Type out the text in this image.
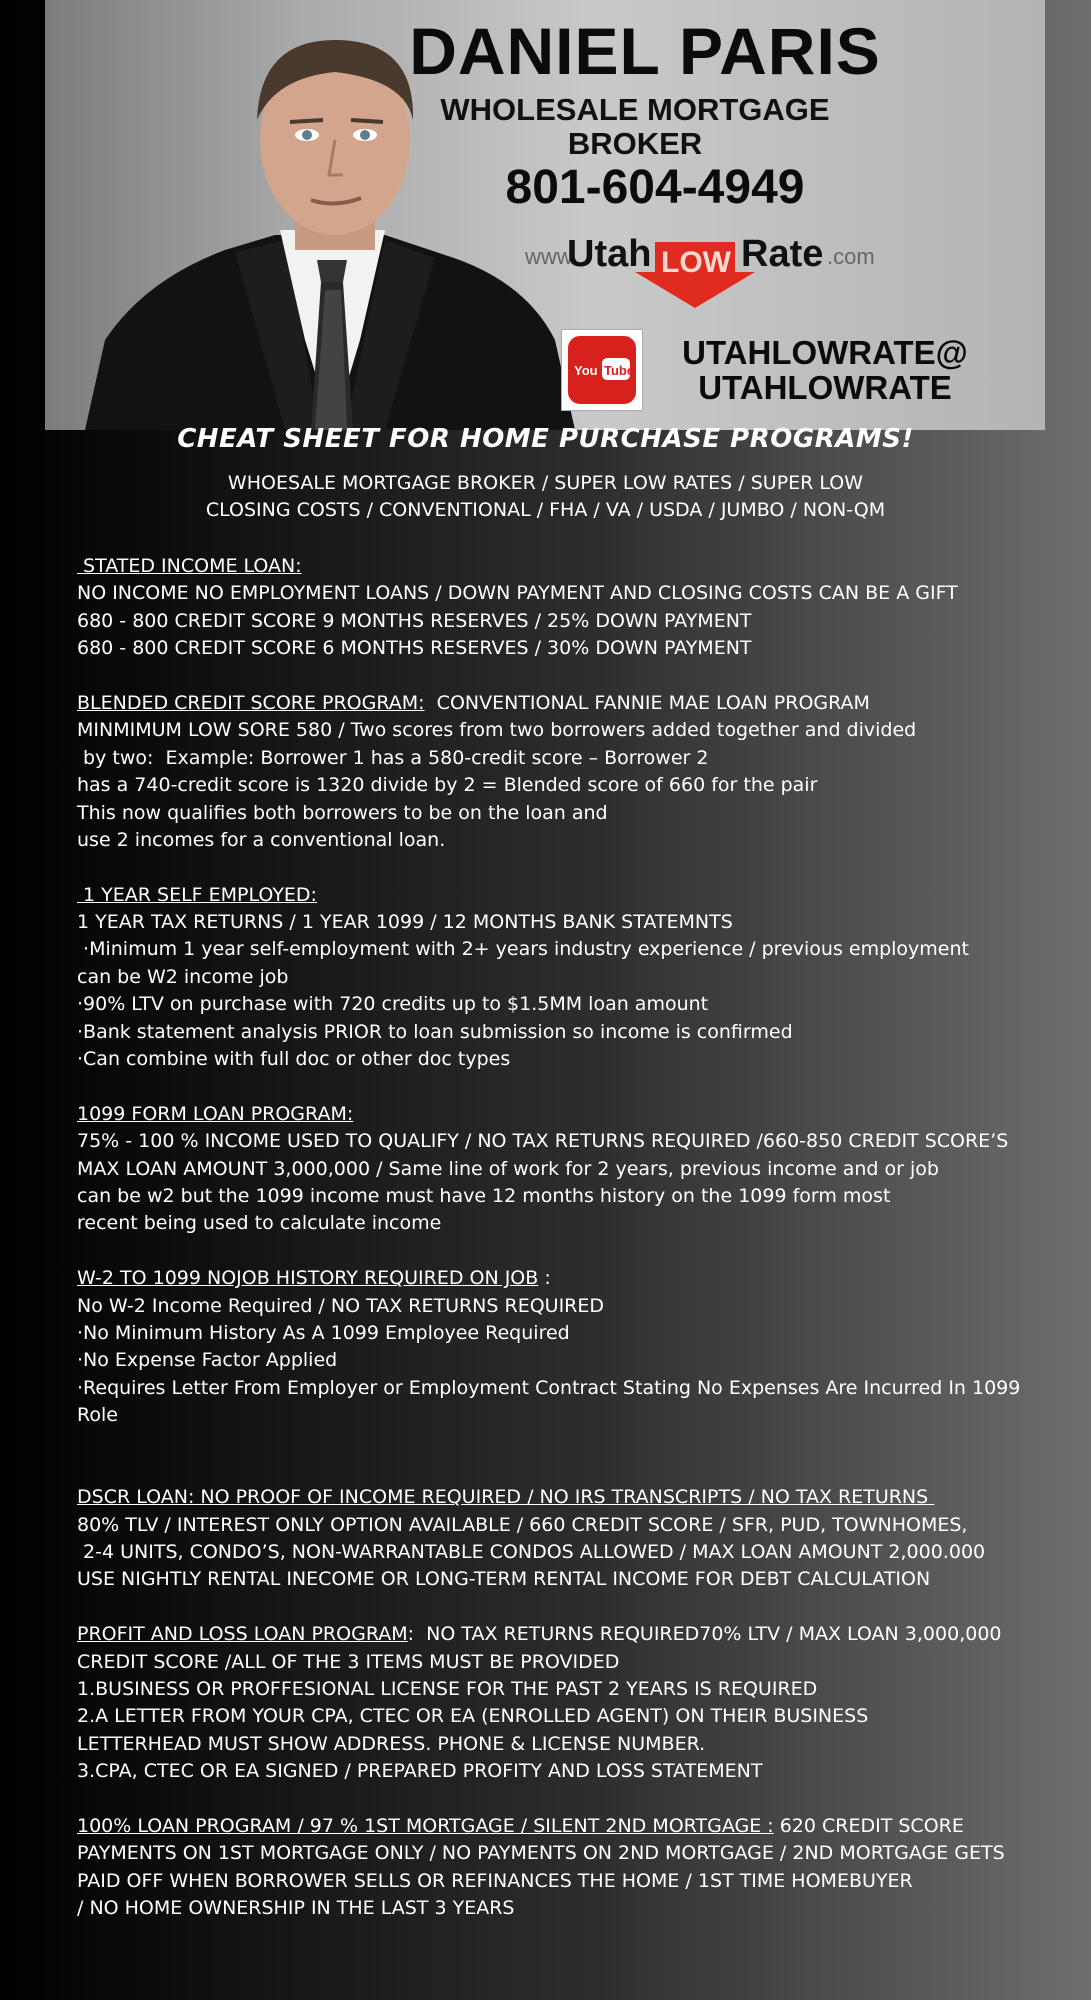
DANIEL PARIS
WHOLESALE MORTGAGE
BROKER
801-604-4949
www.
Utah LOW Rate .com
You Tube UTAHLOWRATE@
UTAHLOWRATE
CHEAT SHEET FOR HOME PURCHASE PROGRAMS!
WHOESALE MORTGAGE BROKER / SUPER LOW RATES / SUPER LOW
CLOSING COSTS / CONVENTIONAL / FHA / VA / USDA / JUMBO / NON-QM
STATED INCOME LOAN:
NO INCOME NO EMPLOYMENT LOANS / DOWN PAYMENT AND CLOSING COSTS CAN BE A GIFT
680 - 800 CREDIT SCORE 9 MONTHS RESERVES / 25% DOWN PAYMENT
680 - 800 CREDIT SCORE 6 MONTHS RESERVES / 30% DOWN PAYMENT
BLENDED CREDIT SCORE PROGRAM:  CONVENTIONAL FANNIE MAE LOAN PROGRAM
MINMIMUM LOW SORE 580 / Two scores from two borrowers added together and divided
by two:  Example: Borrower 1 has a 580-credit score – Borrower 2
has a 740-credit score is 1320 divide by 2 = Blended score of 660 for the pair
This now qualifies both borrowers to be on the loan and
use 2 incomes for a conventional loan.
1 YEAR SELF EMPLOYED:
1 YEAR TAX RETURNS / 1 YEAR 1099 / 12 MONTHS BANK STATEMNTS
·Minimum 1 year self-employment with 2+ years industry experience / previous employment
can be W2 income job
·90% LTV on purchase with 720 credits up to $1.5MM loan amount
·Bank statement analysis PRIOR to loan submission so income is confirmed
·Can combine with full doc or other doc types
1099 FORM LOAN PROGRAM:
75% - 100 % INCOME USED TO QUALIFY / NO TAX RETURNS REQUIRED /660-850 CREDIT SCORE’S
MAX LOAN AMOUNT 3,000,000 / Same line of work for 2 years, previous income and or job
can be w2 but the 1099 income must have 12 months history on the 1099 form most
recent being used to calculate income
W-2 TO 1099 NOJOB HISTORY REQUIRED ON JOB :
No W-2 Income Required / NO TAX RETURNS REQUIRED
·No Minimum History As A 1099 Employee Required
·No Expense Factor Applied
·Requires Letter From Employer or Employment Contract Stating No Expenses Are Incurred In 1099
Role
DSCR LOAN: NO PROOF OF INCOME REQUIRED / NO IRS TRANSCRIPTS / NO TAX RETURNS
80% TLV / INTEREST ONLY OPTION AVAILABLE / 660 CREDIT SCORE / SFR, PUD, TOWNHOMES,
2-4 UNITS, CONDO’S, NON-WARRANTABLE CONDOS ALLOWED / MAX LOAN AMOUNT 2,000.000
USE NIGHTLY RENTAL INECOME OR LONG-TERM RENTAL INCOME FOR DEBT CALCULATION
PROFIT AND LOSS LOAN PROGRAM:  NO TAX RETURNS REQUIRED70% LTV / MAX LOAN 3,000,000
CREDIT SCORE /ALL OF THE 3 ITEMS MUST BE PROVIDED
1.BUSINESS OR PROFFESIONAL LICENSE FOR THE PAST 2 YEARS IS REQUIRED
2.A LETTER FROM YOUR CPA, CTEC OR EA (ENROLLED AGENT) ON THEIR BUSINESS
LETTERHEAD MUST SHOW ADDRESS. PHONE & LICENSE NUMBER.
3.CPA, CTEC OR EA SIGNED / PREPARED PROFITY AND LOSS STATEMENT
100% LOAN PROGRAM / 97 % 1ST MORTGAGE / SILENT 2ND MORTGAGE : 620 CREDIT SCORE
PAYMENTS ON 1ST MORTGAGE ONLY / NO PAYMENTS ON 2ND MORTGAGE / 2ND MORTGAGE GETS
PAID OFF WHEN BORROWER SELLS OR REFINANCES THE HOME / 1ST TIME HOMEBUYER
/ NO HOME OWNERSHIP IN THE LAST 3 YEARS
